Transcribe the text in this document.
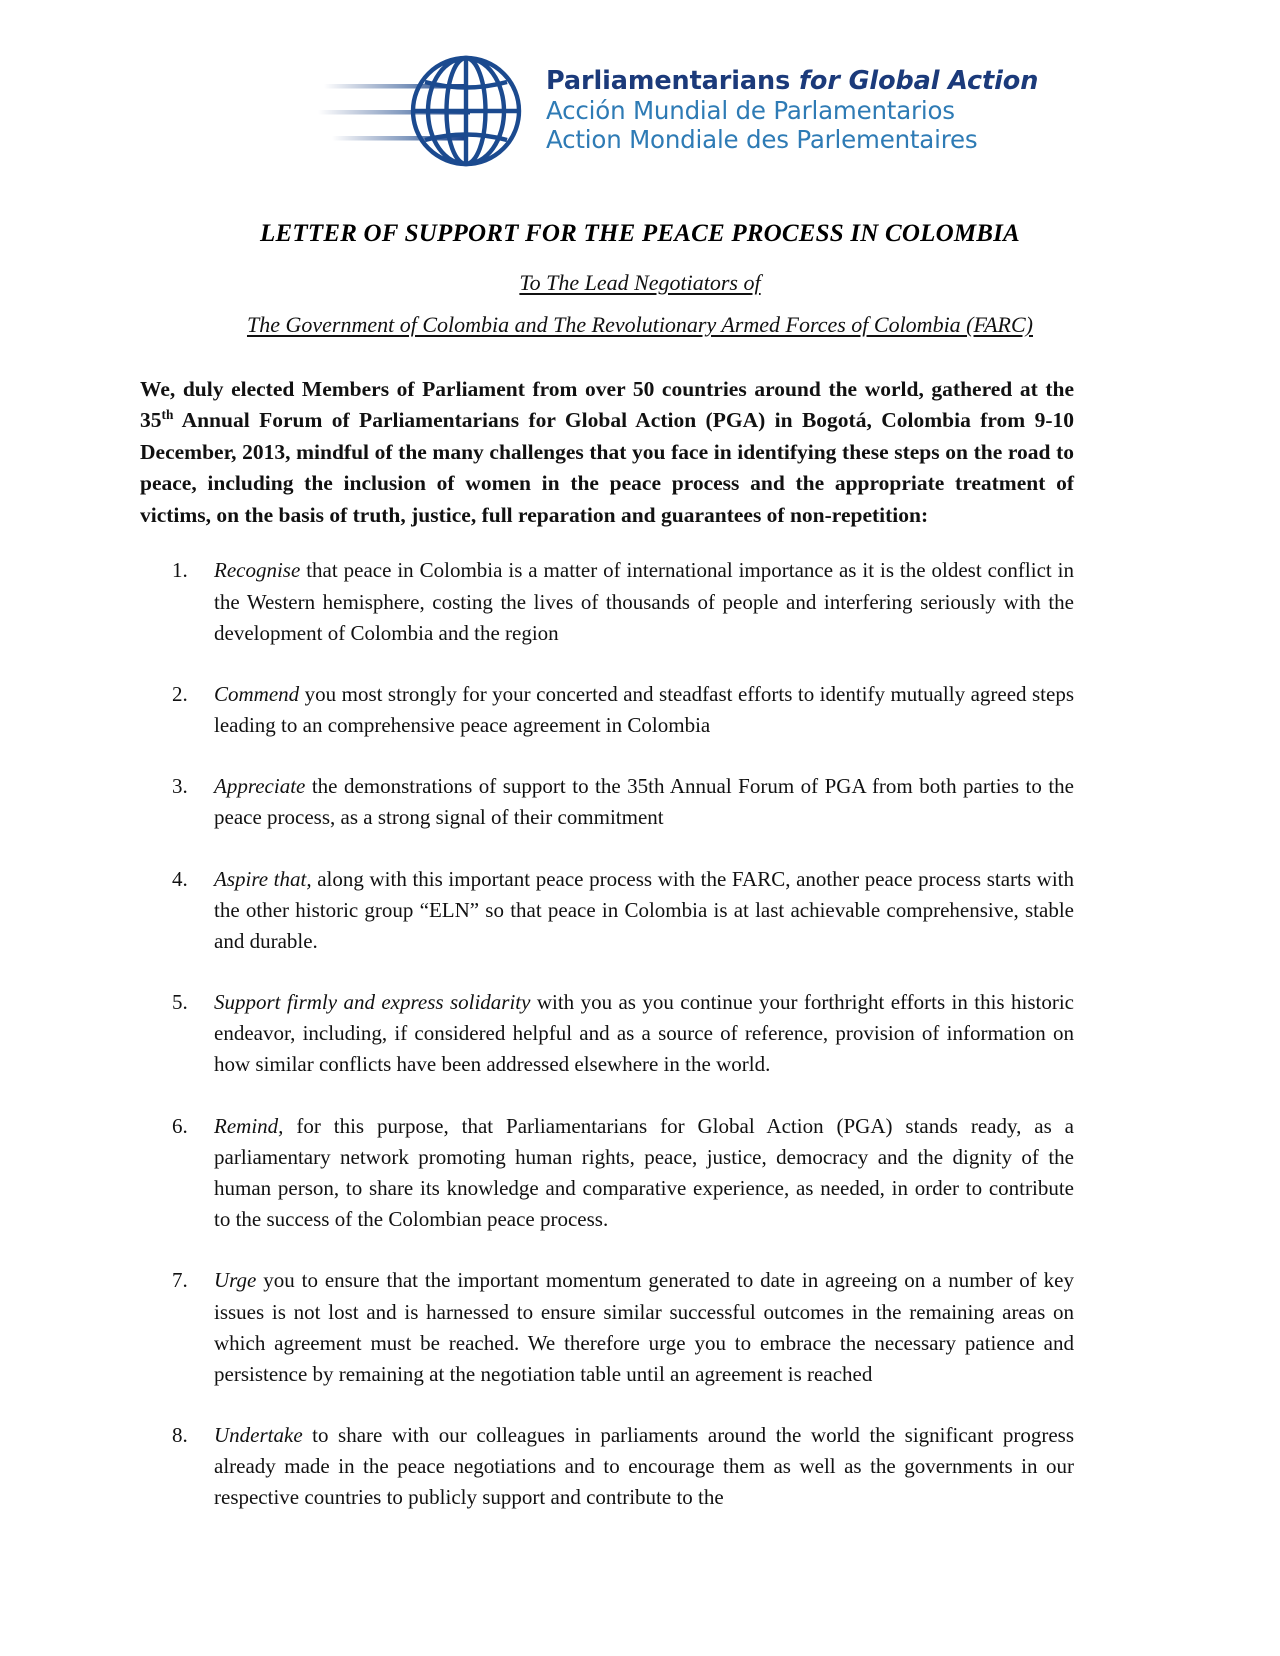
Parliamentarians for Global Action
Acción Mundial de Parlamentarios
Action Mondiale des Parlementaires
LETTER OF SUPPORT FOR THE PEACE PROCESS IN COLOMBIA
To The Lead Negotiators of
The Government of Colombia and The Revolutionary Armed Forces of Colombia (FARC)

We, duly elected Members of Parliament from over 50 countries around the world, gathered at the 35th Annual Forum of Parliamentarians for Global Action (PGA) in Bogotá, Colombia from 9-10 December, 2013, mindful of the many challenges that you face in identifying these steps on the road to peace, including the inclusion of women in the peace process and the appropriate treatment of victims, on the basis of truth, justice, full reparation and guarantees of non-repetition:

Recognise that peace in Colombia is a matter of international importance as it is the oldest conflict in the Western hemisphere, costing the lives of thousands of people and interfering seriously with the development of Colombia and the region
Commend you most strongly for your concerted and steadfast efforts to identify mutually agreed steps leading to an comprehensive peace agreement in Colombia
Appreciate the demonstrations of support to the 35th Annual Forum of PGA from both parties to the peace process, as a strong signal of their commitment
Aspire that, along with this important peace process with the FARC, another peace process starts with the other historic group “ELN” so that peace in Colombia is at last achievable comprehensive, stable and durable.
Support firmly and express solidarity with you as you continue your forthright efforts in this historic endeavor, including, if considered helpful and as a source of reference, provision of information on how similar conflicts have been addressed elsewhere in the world.
Remind, for this purpose, that Parliamentarians for Global Action (PGA) stands ready, as a parliamentary network promoting human rights, peace, justice, democracy and the dignity of the human person, to share its knowledge and comparative experience, as needed, in order to contribute to the success of the Colombian peace process.
Urge you to ensure that the important momentum generated to date in agreeing on a number of key issues is not lost and is harnessed to ensure similar successful outcomes in the remaining areas on which agreement must be reached. We therefore urge you to embrace the necessary patience and persistence by remaining at the negotiation table until an agreement is reached
Undertake to share with our colleagues in parliaments around the world the significant progress already made in the peace negotiations and to encourage them as well as the governments in our respective countries to publicly support and contribute to the
